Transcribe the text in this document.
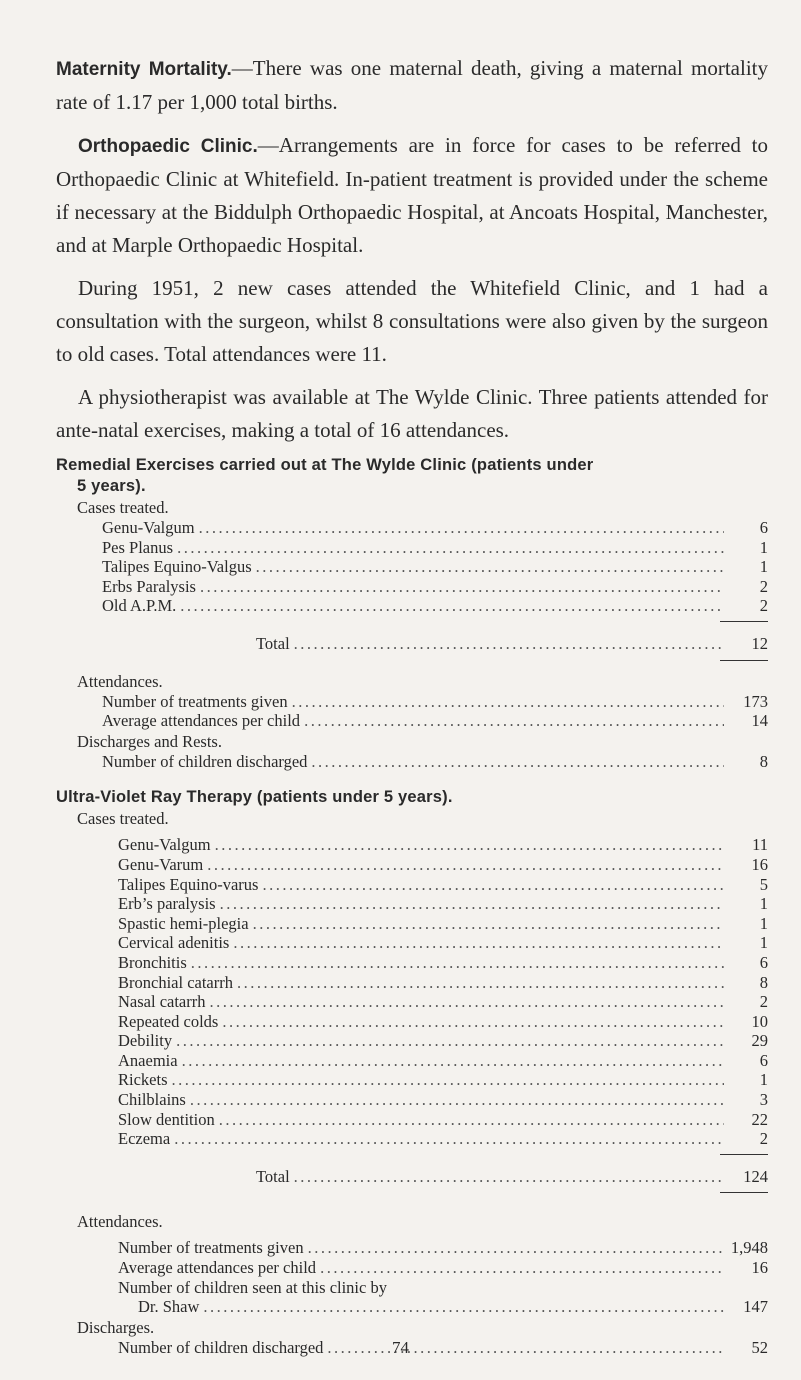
Maternity Mortality.—There was one maternal death, giving a maternal mortality rate of 1.17 per 1,000 total births.

Orthopaedic Clinic.—Arrangements are in force for cases to be referred to Orthopaedic Clinic at Whitefield. In-patient treatment is provided under the scheme if necessary at the Biddulph Orthopaedic Hospital, at Ancoats Hospital, Manchester, and at Marple Orthopaedic Hospital.

During 1951, 2 new cases attended the Whitefield Clinic, and 1 had a consultation with the surgeon, whilst 8 consultations were also given by the surgeon to old cases. Total attendances were 11.

A physiotherapist was available at The Wylde Clinic. Three patients attended for ante-natal exercises, making a total of 16 attendances.

Remedial Exercises carried out at The Wylde Clinic (patients under
5 years).

Cases treated.

Genu-Valgum .....	6
Pes Planus .....	1
Talipes Equino-Valgus .....	1
Erbs Paralysis .....	2
Old A.P.M. .....	2
Total .....	12

Attendances.

Number of treatments given .....	173
Average attendances per child .....	14

Discharges and Rests.

Number of children discharged .....	8

Ultra-Violet Ray Therapy (patients under 5 years).

Cases treated.

Genu-Valgum .....	11
Genu-Varum .....	16
Talipes Equino-varus .....	5
Erb’s paralysis .....	1
Spastic hemi-plegia .....	1
Cervical adenitis .....	1
Bronchitis .....	6
Bronchial catarrh .....	8
Nasal catarrh .....	2
Repeated colds .....	10
Debility .....	29
Anaemia .....	6
Rickets .....	1
Chilblains .....	3
Slow dentition .....	22
Eczema .....	2
Total .....	124

Attendances.

Number of treatments given .....	1,948
Average attendances per child .....	16
Number of children seen at this clinic by
Dr. Shaw .....	147

Discharges.

Number of children discharged .....	52
74
